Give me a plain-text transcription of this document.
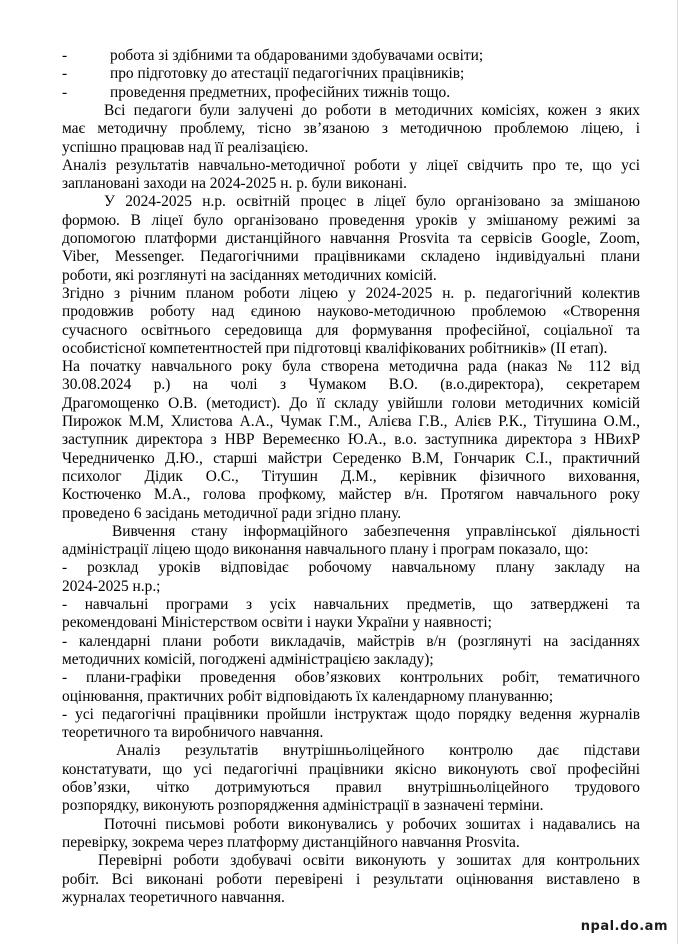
-	робота зі здібними та обдарованими здобувачами освіти;
-	про підготовку до атестації педагогічних працівників;
-	проведення предметних, професійних тижнів тощо.
Всі педагоги були залучені до роботи в методичних комісіях, кожен з яких
має методичну проблему, тісно зв’язаною з методичною проблемою ліцею, і
успішно працював над її реалізацією.
Аналіз результатів навчально-методичної роботи у ліцеї свідчить про те, що усі
заплановані заходи на 2024-2025 н. р. були виконані.
У 2024-2025 н.р. освітній процес в ліцеї було організовано за змішаною
формою. В ліцеї було організовано проведення уроків у змішаному режимі за
допомогою платформи дистанційного навчання Prosvita та сервісів Google, Zoom,
Viber, Messenger. Педагогічними працівниками складено індивідуальні плани
роботи, які розглянуті на засіданнях методичних комісій.
Згідно з річним планом роботи ліцею у 2024-2025 н. р. педагогічний колектив
продовжив роботу над єдиною науково-методичною проблемою «Створення
сучасного освітнього середовища для формування професійної, соціальної та
особистісної компетентностей при підготовці кваліфікованих робітників» (ІІ етап).
На початку навчального року була створена методична рада (наказ № 112 від
30.08.2024 р.) на чолі з Чумаком В.О. (в.о.директора), секретарем
Драгомощенко О.В. (методист). До її складу увійшли голови методичних комісій
Пирожок М.М, Хлистова А.А., Чумак Г.М., Алієва Г.В., Алієв Р.К., Тітушина О.М.,
заступник директора з НВР Веремеєнко Ю.А., в.о. заступника директора з НВихР
Чередниченко Д.Ю., старші майстри Середенко В.М, Гончарик С.І., практичний
психолог Дідик О.С., Тітушин Д.М., керівник фізичного виховання,
Костюченко М.А., голова профкому, майстер в/н. Протягом навчального року
проведено 6 засідань методичної ради згідно плану.
Вивчення стану інформаційного забезпечення управлінської діяльності
адміністрації ліцею щодо виконання навчального плану і програм показало, що:
- розклад уроків відповідає робочому навчальному плану закладу на
2024-2025 н.р.;
- навчальні програми з усіх навчальних предметів, що затверджені та
рекомендовані Міністерством освіти і науки України у наявності;
- календарні плани роботи викладачів, майстрів в/н (розглянуті на засіданнях
методичних комісій, погоджені адміністрацією закладу);
- плани-графіки проведення обов’язкових контрольних робіт, тематичного
оцінювання, практичних робіт відповідають їх календарному плануванню;
- усі педагогічні працівники пройшли інструктаж щодо порядку ведення журналів
теоретичного та виробничого навчання.
Аналіз результатів внутрішньоліцейного контролю дає підстави
констатувати, що усі педагогічні працівники якісно виконують свої професійні
обов’язки, чітко дотримуються правил внутрішньоліцейного трудового
розпорядку, виконують розпорядження адміністрації в зазначені терміни.
Поточні письмові роботи виконувались у робочих зошитах і надавались на
перевірку, зокрема через платформу дистанційного навчання Prosvita.
Перевірні роботи здобувачі освіти виконують у зошитах для контрольних
робіт. Всі виконані роботи перевірені і результати оцінювання виставлено в
журналах теоретичного навчання.
npal.do.am
